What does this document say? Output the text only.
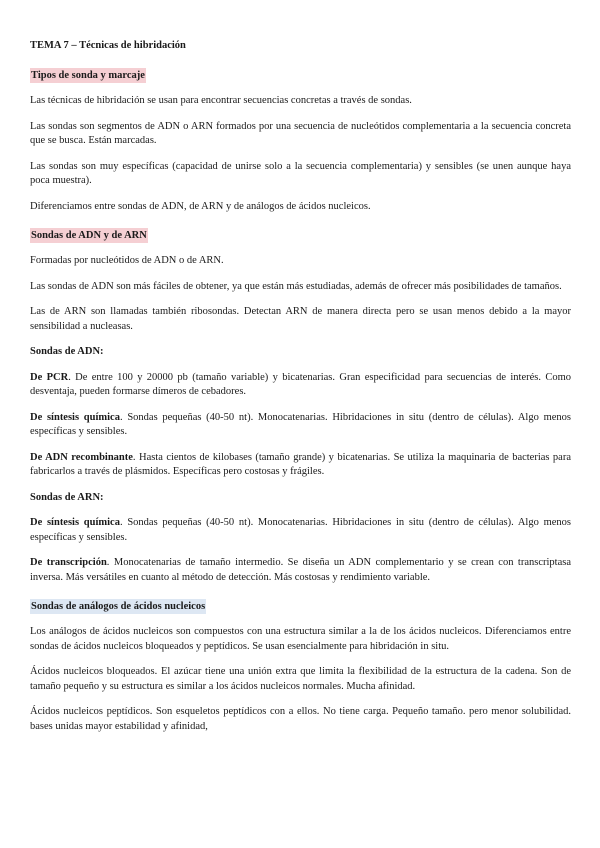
TEMA 7 – Técnicas de hibridación
Tipos de sonda y marcaje

Las técnicas de hibridación se usan para encontrar secuencias concretas a través de sondas.

Las sondas son segmentos de ADN o ARN formados por una secuencia de nucleótidos complementaria a la secuencia concreta que se busca. Están marcadas.

Las sondas son muy específicas (capacidad de unirse solo a la secuencia complementaria) y sensibles (se unen aunque haya poca muestra).

Diferenciamos entre sondas de ADN, de ARN y de análogos de ácidos nucleicos.

Sondas de ADN y de ARN

Formadas por nucleótidos de ADN o de ARN.

Las sondas de ADN son más fáciles de obtener, ya que están más estudiadas, además de ofrecer más posibilidades de tamaños.

Las de ARN son llamadas también ribosondas. Detectan ARN de manera directa pero se usan menos debido a la mayor sensibilidad a nucleasas.

Sondas de ADN:

De PCR. De entre 100 y 20000 pb (tamaño variable) y bicatenarias. Gran especificidad para secuencias de interés. Como desventaja, pueden formarse dímeros de cebadores.

De síntesis química. Sondas pequeñas (40-50 nt). Monocatenarias. Hibridaciones in situ (dentro de células). Algo menos específicas y sensibles.

De ADN recombinante. Hasta cientos de kilobases (tamaño grande) y bicatenarias. Se utiliza la maquinaria de bacterias para fabricarlos a través de plásmidos. Específicas pero costosas y frágiles.

Sondas de ARN:

De síntesis química. Sondas pequeñas (40-50 nt). Monocatenarias. Hibridaciones in situ (dentro de células). Algo menos específicas y sensibles.

De transcripción. Monocatenarias de tamaño intermedio. Se diseña un ADN complementario y se crean con transcriptasa inversa. Más versátiles en cuanto al método de detección. Más costosas y rendimiento variable.

Sondas de análogos de ácidos nucleicos

Los análogos de ácidos nucleicos son compuestos con una estructura similar a la de los ácidos nucleicos. Diferenciamos entre sondas de ácidos nucleicos bloqueados y peptídicos. Se usan esencialmente para hibridación in situ.

Ácidos nucleicos bloqueados. El azúcar tiene una unión extra que limita la flexibilidad de la estructura de la cadena. Son de tamaño pequeño y su estructura es similar a los ácidos nucleicos normales. Mucha afinidad.

Ácidos nucleicos peptídicos. Son esqueletos peptídicos con a ellos. No tiene carga. Pequeño tamaño. pero menor solubilidad. bases unidas mayor estabilidad y afinidad,
